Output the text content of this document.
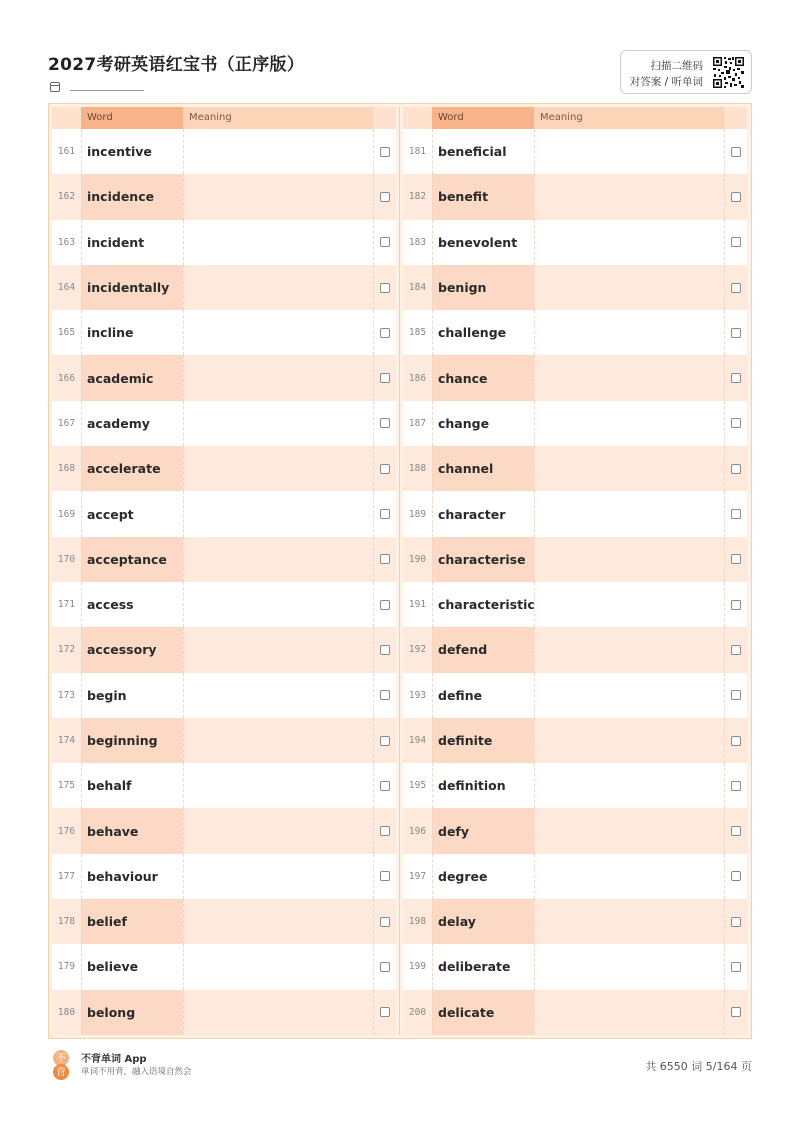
2027考研英语红宝书（正序版）	扫描二维码
对答案 / 听单词
Word	Meaning
161 incentive
162 incidence
163 incident
164 incidentally
165 incline
166 academic
167 academy
168 accelerate
169 accept
170 acceptance
171 access
172 accessory
173 begin
174 beginning
175 behalf
176 behave
177 behaviour
178 belief
179 believe
180 belong
Word	Meaning
181 beneficial
182 benefit
183 benevolent
184 benign
185 challenge
186 chance
187 change
188 channel
189 character
190 characterise
191 characteristic
192 defend
193 define
194 definite
195 definition
196 defy
197 degree
198 delay
199 deliberate
200 delicate
不
背
不背单词 App
单词不用背，融入语境自然会	共 6550 词 5/164 页
